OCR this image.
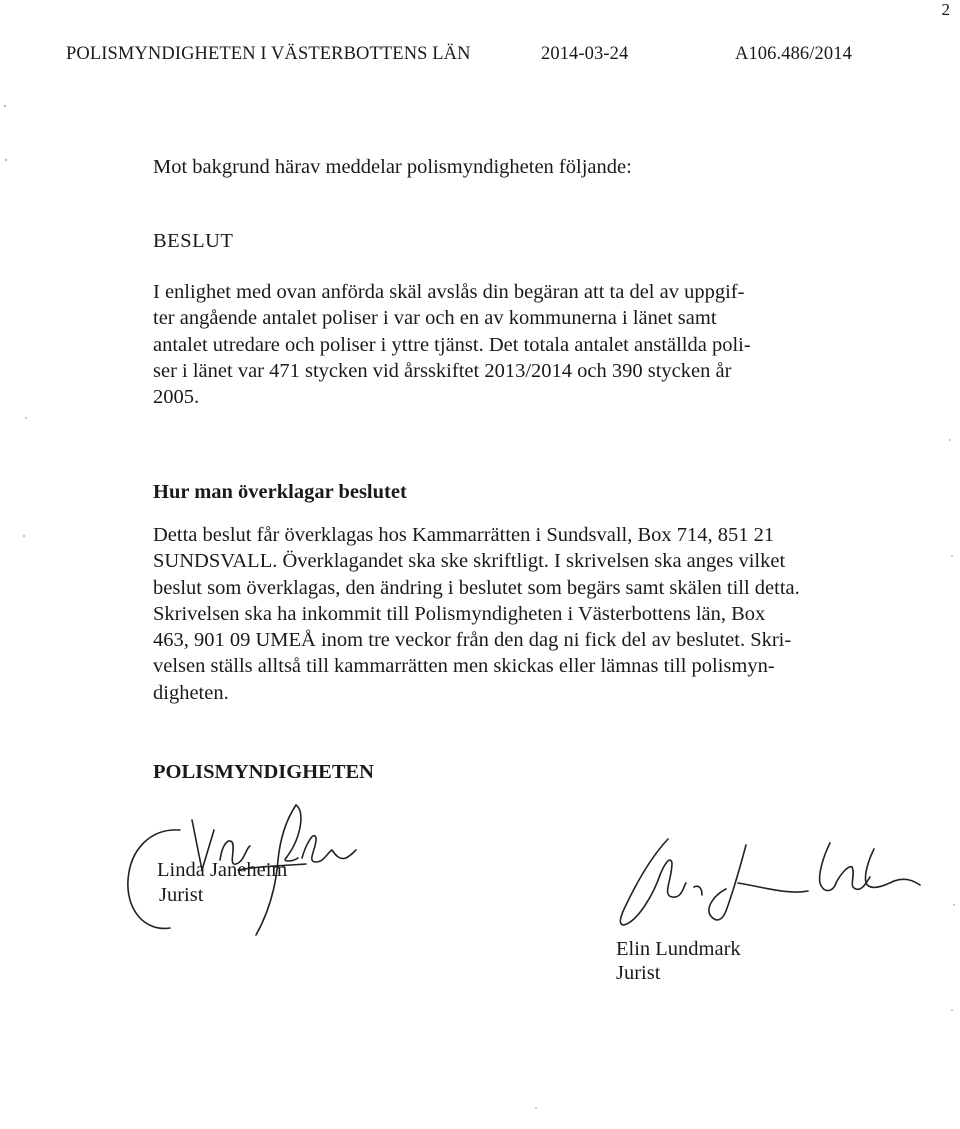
2
POLISMYNDIGHETEN I VÄSTERBOTTENS LÄN	2014-03-24	A106.486/2014

Mot bakgrund härav meddelar polismyndigheten följande:

BESLUT
I enlighet med ovan anförda skäl avslås din begäran att ta del av uppgif-
ter angående antalet poliser i var och en av kommunerna i länet samt
antalet utredare och poliser i yttre tjänst. Det totala antalet anställda poli-
ser i länet var 471 stycken vid årsskiftet 2013/2014 och 390 stycken år
2005.
Hur man överklagar beslutet
Detta beslut får överklagas hos Kammarrätten i Sundsvall, Box 714, 851 21
SUNDSVALL. Överklagandet ska ske skriftligt. I skrivelsen ska anges vilket
beslut som överklagas, den ändring i beslutet som begärs samt skälen till detta.
Skrivelsen ska ha inkommit till Polismyndigheten i Västerbottens län, Box
463, 901 09 UMEÅ inom tre veckor från den dag ni fick del av beslutet. Skri-
velsen ställs alltså till kammarrätten men skickas eller lämnas till polismyn-
digheten.
POLISMYNDIGHETEN
Linda Janeheim
Jurist
Elin Lundmark
Jurist
